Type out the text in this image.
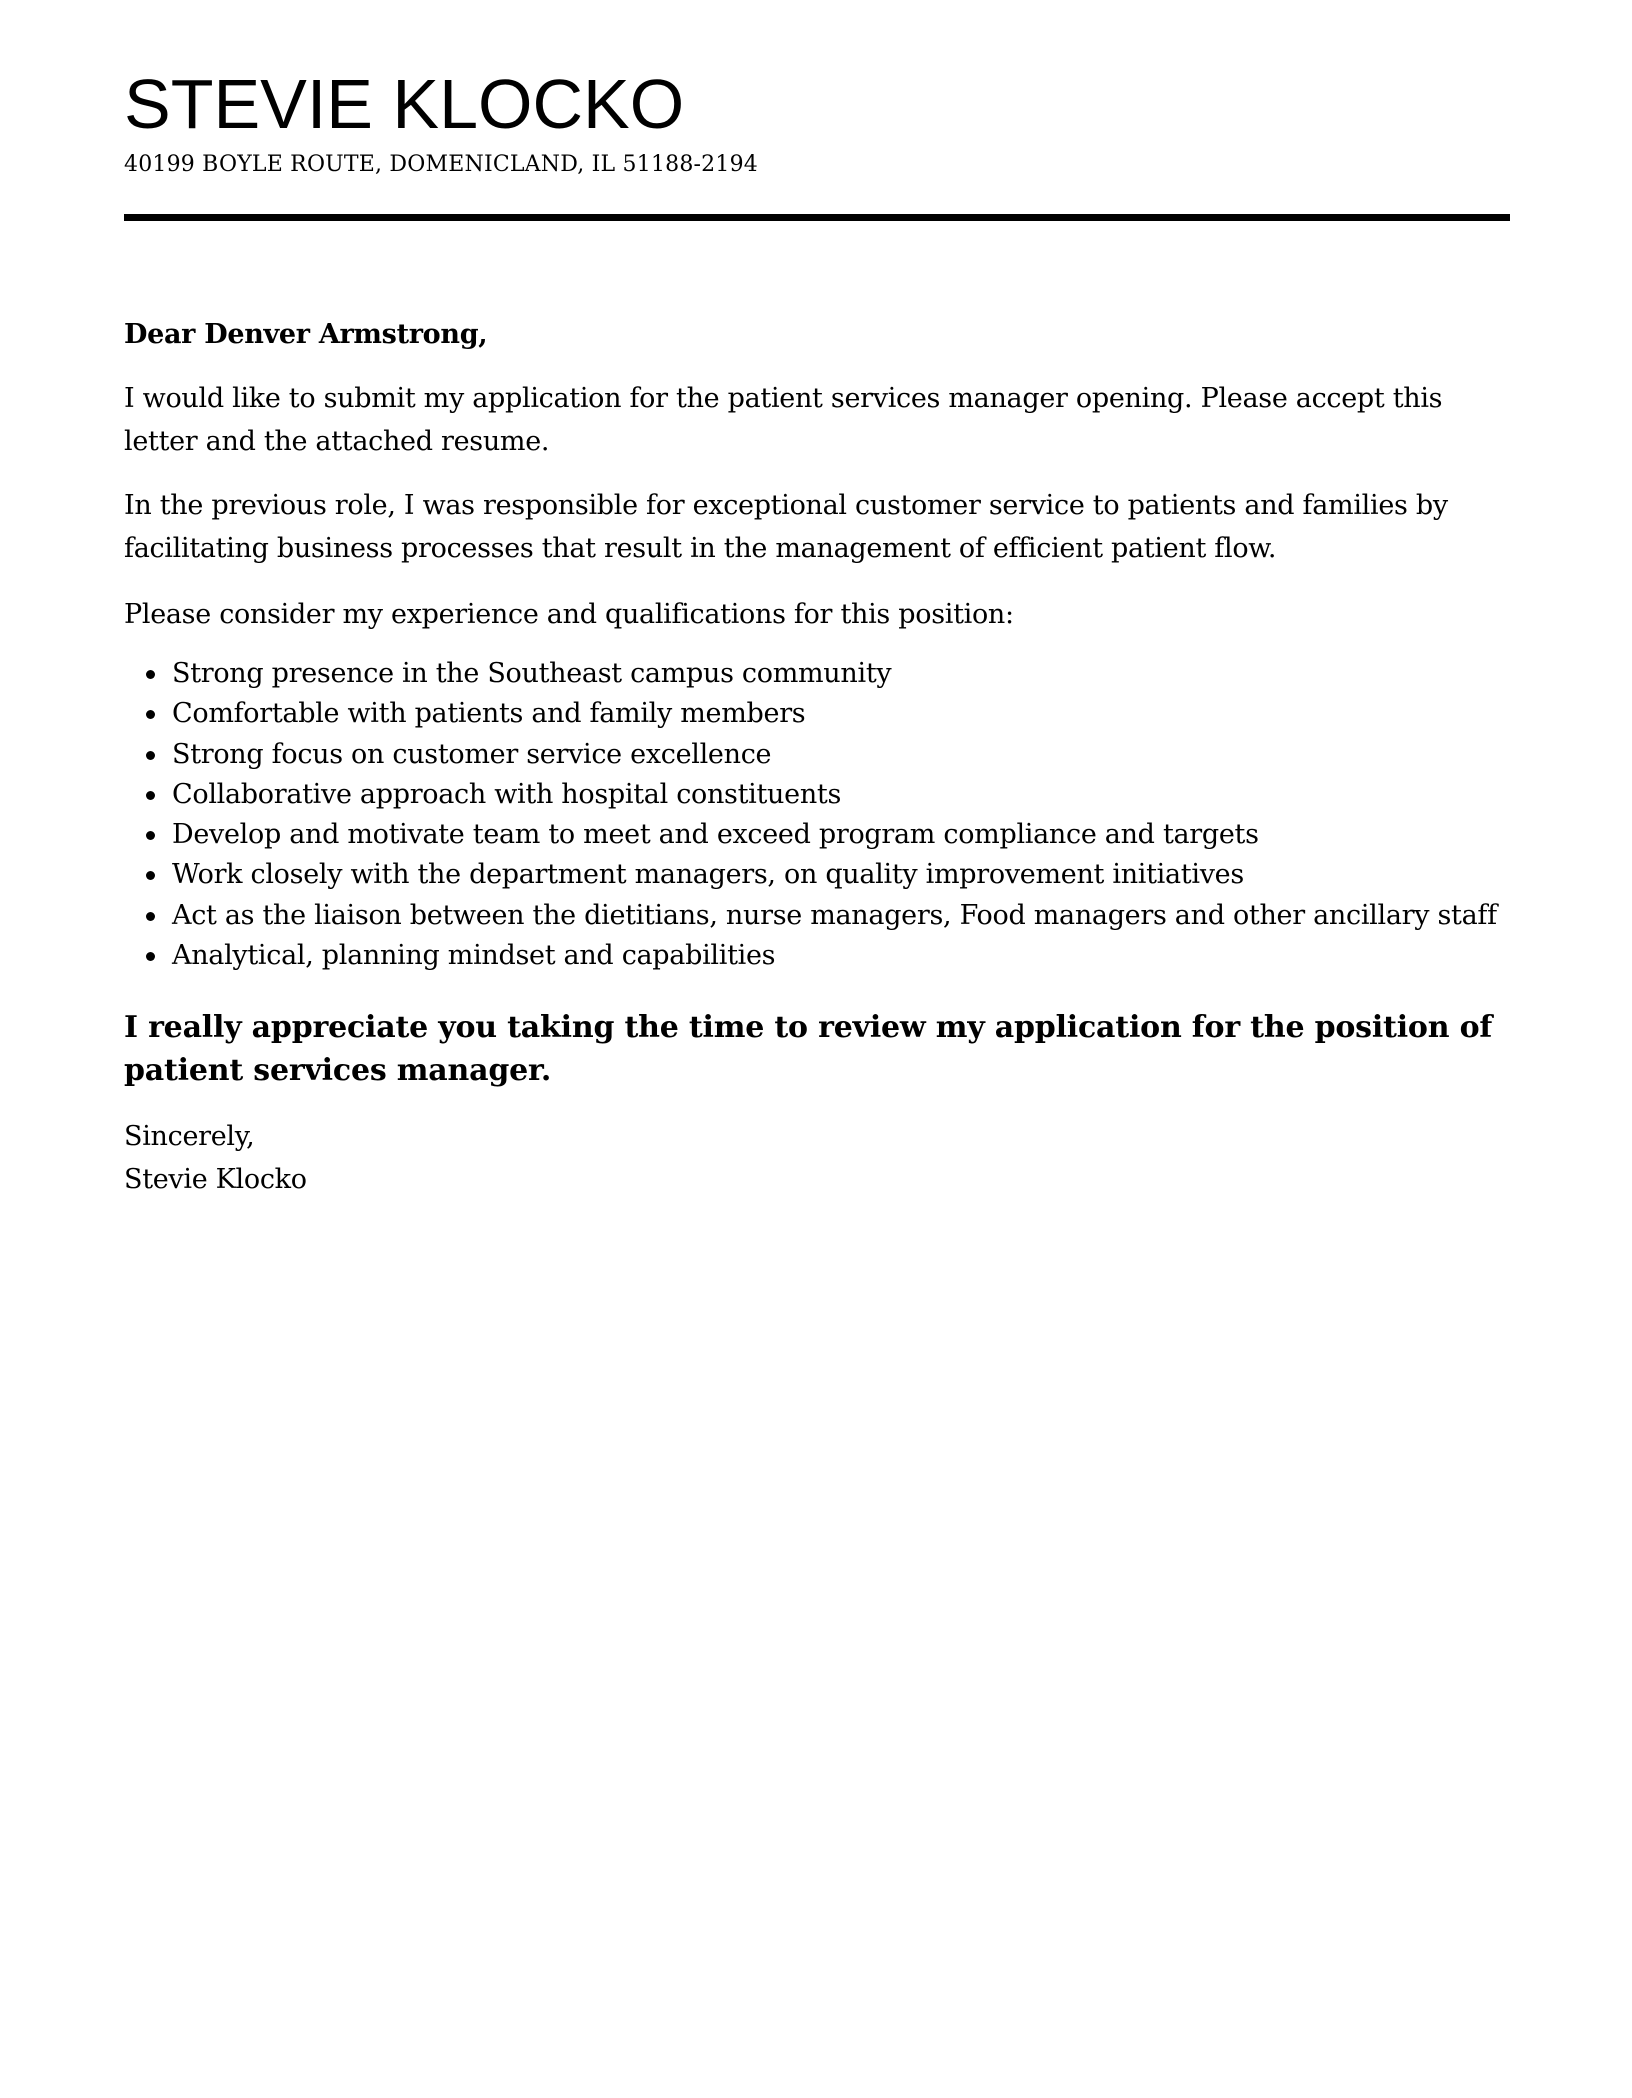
STEVIE KLOCKO
40199 BOYLE ROUTE, DOMENICLAND, IL 51188-2194

Dear Denver Armstrong,

I would like to submit my application for the patient services manager opening. Please accept this letter and the attached resume.

In the previous role, I was responsible for exceptional customer service to patients and families by facilitating business processes that result in the management of efficient patient flow.

Please consider my experience and qualifications for this position:

Strong presence in the Southeast campus community
Comfortable with patients and family members
Strong focus on customer service excellence
Collaborative approach with hospital constituents
Develop and motivate team to meet and exceed program compliance and targets
Work closely with the department managers, on quality improvement initiatives
Act as the liaison between the dietitians, nurse managers, Food managers and other ancillary staff
Analytical, planning mindset and capabilities

I really appreciate you taking the time to review my application for the position of patient services manager.

Sincerely,
Stevie Klocko
